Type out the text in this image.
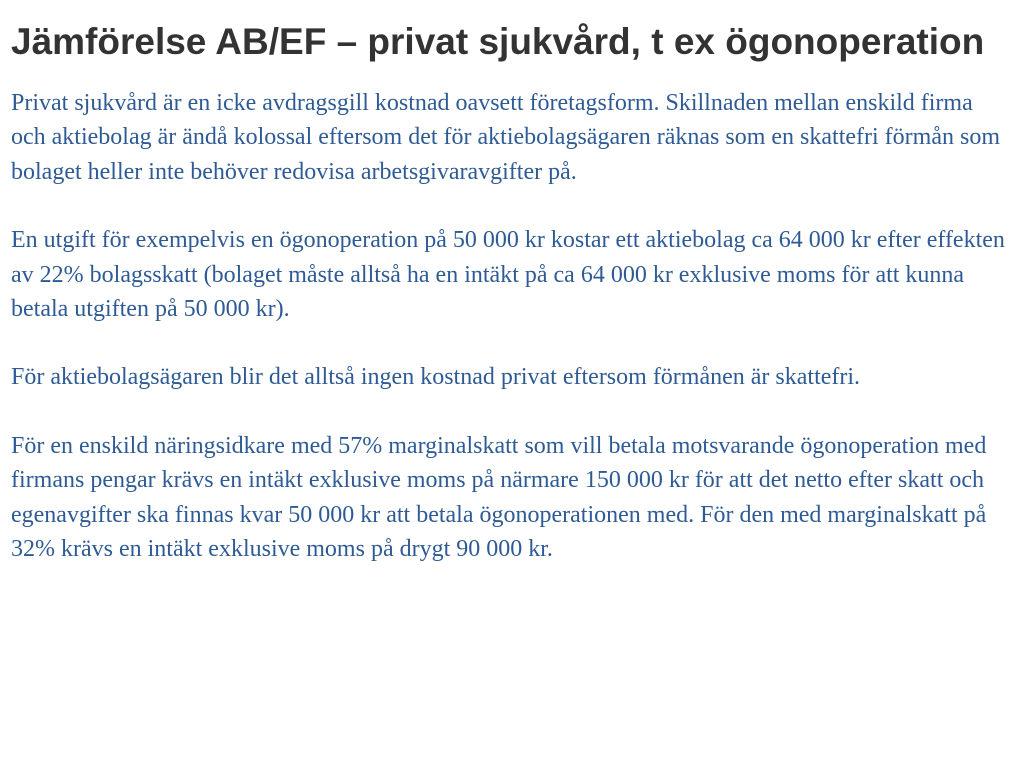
Jämförelse AB/EF – privat sjukvård, t ex ögonoperation

Privat sjukvård är en icke avdragsgill kostnad oavsett företagsform. Skillnaden mellan enskild firma och aktiebolag är ändå kolossal eftersom det för aktiebolagsägaren räknas som en skattefri förmån som bolaget heller inte behöver redovisa arbetsgivaravgifter på.

En utgift för exempelvis en ögonoperation på 50 000 kr kostar ett aktiebolag ca 64 000 kr efter effekten av 22% bolagsskatt (bolaget måste alltså ha en intäkt på ca 64 000 kr exklusive moms för att kunna betala utgiften på 50 000 kr).

För aktiebolagsägaren blir det alltså ingen kostnad privat eftersom förmånen är skattefri.

För en enskild näringsidkare med 57% marginalskatt som vill betala motsvarande ögonoperation med firmans pengar krävs en intäkt exklusive moms på närmare 150 000 kr för att det netto efter skatt och egenavgifter ska finnas kvar 50 000 kr att betala ögonoperationen med. För den med marginalskatt på 32% krävs en intäkt exklusive moms på drygt 90 000 kr.
